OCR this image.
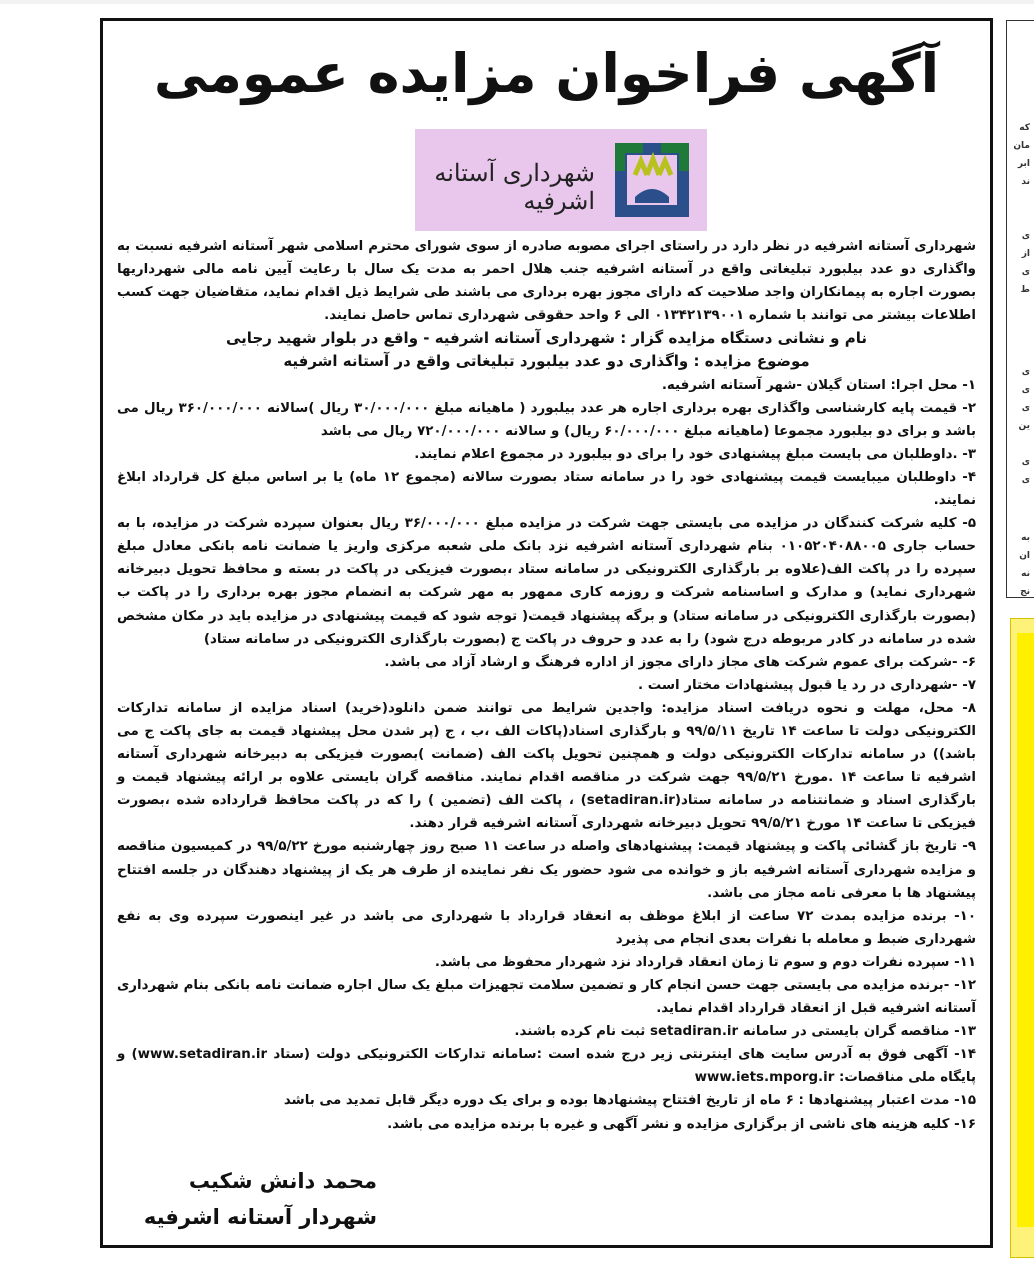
آگهی فراخوان مزایده عمومی
شهرداری آستانه اشرفیه

شهرداری آستانه اشرفیه در نظر دارد در راستای اجرای مصوبه صادره از سوی شورای محترم اسلامی شهر آستانه اشرفیه نسبت به واگذاری دو عدد بیلبورد تبلیغاتی واقع در آستانه اشرفیه جنب هلال احمر به مدت یک سال با رعایت آیین نامه مالی شهرداریها بصورت اجاره به پیمانکاران واجد صلاحیت که دارای مجوز بهره برداری می باشند طی شرایط ذیل اقدام نماید، متقاضیان جهت کسب اطلاعات بیشتر می توانند با شماره ۰۱۳۴۲۱۳۹۰۰۱ الی ۶ واحد حقوقی شهرداری تماس حاصل نمایند.

نام و نشانی دستگاه مزایده گزار : شهرداری آستانه اشرفیه - واقع در بلوار شهید رجایی

موضوع مزایده : واگذاری دو عدد بیلبورد تبلیغاتی واقع در آستانه اشرفیه

۱- محل اجرا: استان گیلان -شهر آستانه اشرفیه.

۲- قیمت پایه کارشناسی واگذاری بهره برداری اجاره هر عدد بیلبورد ( ماهیانه مبلغ ۳۰/۰۰۰/۰۰۰ ریال )سالانه ۳۶۰/۰۰۰/۰۰۰ ریال می باشد و برای دو بیلبورد مجموعا (ماهیانه مبلغ ۶۰/۰۰۰/۰۰۰ ریال) و سالانه ۷۲۰/۰۰۰/۰۰۰ ریال می باشد

۳- .داوطلبان می بایست مبلغ پیشنهادی خود را برای دو بیلبورد در مجموع اعلام نمایند.

۴- داوطلبان میبایست قیمت پیشنهادی خود را در سامانه ستاد بصورت سالانه (مجموع ۱۲ ماه) یا بر اساس مبلغ کل قرارداد ابلاغ نمایند.

۵- کلیه شرکت کنندگان در مزایده می بایستی جهت شرکت در مزایده مبلغ ۳۶/۰۰۰/۰۰۰ ریال بعنوان سپرده شرکت در مزایده، با به حساب جاری ۰۱۰۵۲۰۴۰۸۸۰۰۵ بنام شهرداری آستانه اشرفیه نزد بانک ملی شعبه مرکزی واریز یا ضمانت نامه بانکی معادل مبلغ سپرده را در پاکت الف(علاوه بر بارگذاری الکترونیکی در سامانه ستاد ،بصورت فیزیکی در پاکت در بسته و محافظ تحویل دبیرخانه شهرداری نماید) و مدارک و اساسنامه شرکت و روزمه کاری ممهور به مهر شرکت به انضمام مجوز بهره برداری را در پاکت ب (بصورت بارگذاری الکترونیکی در سامانه ستاد) و برگه پیشنهاد قیمت( توجه شود که قیمت پیشنهادی در مزایده باید در مکان مشخص شده در سامانه در کادر مربوطه درج شود) را به عدد و حروف در پاکت ج (بصورت بارگذاری الکترونیکی در سامانه ستاد)

۶- -شرکت برای عموم شرکت های مجاز دارای مجوز از اداره فرهنگ و ارشاد آزاد می باشد.

۷- -شهرداری در رد یا قبول پیشنهادات مختار است .

۸- محل، مهلت و نحوه دریافت اسناد مزایده: واجدین شرایط می توانند ضمن دانلود(خرید) اسناد مزایده از سامانه تدارکات الکترونیکی دولت تا ساعت ۱۴ تاریخ ۹۹/۵/۱۱ و بارگذاری اسناد(پاکات الف ،ب ، ج (پر شدن محل پیشنهاد قیمت به جای پاکت ج می باشد)) در سامانه تدارکات الکترونیکی دولت و همچنین تحویل پاکت الف (ضمانت )بصورت فیزیکی به دبیرخانه شهرداری آستانه اشرفیه تا ساعت ۱۴ .مورخ ۹۹/۵/۲۱ جهت شرکت در مناقصه اقدام نمایند. مناقصه گران بایستی علاوه بر ارائه پیشنهاد قیمت و بارگذاری اسناد و ضمانتنامه در سامانه ستاد(setadiran.ir) ، پاکت الف (تضمین ) را که در پاکت محافظ قرارداده شده ،بصورت فیزیکی تا ساعت ۱۴ مورخ ۹۹/۵/۲۱ تحویل دبیرخانه شهرداری آستانه اشرفیه قرار دهند.

۹- تاریخ باز گشائی پاکت و پیشنهاد قیمت: پیشنهادهای واصله در ساعت ۱۱ صبح روز چهارشنبه مورخ ۹۹/۵/۲۲ در کمیسیون مناقصه و مزایده شهرداری آستانه اشرفیه باز و خوانده می شود حضور یک نفر نماینده از طرف هر یک از پیشنهاد دهندگان در جلسه افتتاح پیشنهاد ها با معرفی نامه مجاز می باشد.

۱۰- برنده مزایده بمدت ۷۲ ساعت از ابلاغ موظف به انعقاد قرارداد با شهرداری می باشد در غیر اینصورت سپرده وی به نفع شهرداری ضبط و معامله با نفرات بعدی انجام می پذیرد

۱۱- سپرده نفرات دوم و سوم تا زمان انعقاد قرارداد نزد شهردار محفوظ می باشد.

۱۲- -برنده مزایده می بایستی جهت حسن انجام کار و تضمین سلامت تجهیزات مبلغ یک سال اجاره ضمانت نامه بانکی بنام شهرداری آستانه اشرفیه قبل از انعقاد قرارداد اقدام نماید.

۱۳- مناقصه گران بایستی در سامانه setadiran.ir ثبت نام کرده باشند.

۱۴- آگهی فوق به آدرس سایت های اینترنتی زیر درج شده است :سامانه تدارکات الکترونیکی دولت (ستاد www.setadiran.ir) و پایگاه ملی مناقصات: www.iets.mporg.ir

۱۵- مدت اعتبار پیشنهادها : ۶ ماه از تاریخ افتتاح پیشنهادها بوده و برای یک دوره دیگر قابل تمدید می باشد

۱۶- کلیه هزینه های ناشی از برگزاری مزایده و نشر آگهی و غیره با برنده مزایده می باشد.

محمد دانش شکیب
شهردار آستانه اشرفیه
که
مان
ابر
ند
ی
از
ی
ط
ی
ی
ی
ین
ی
ی
به
ان
نه
نج
